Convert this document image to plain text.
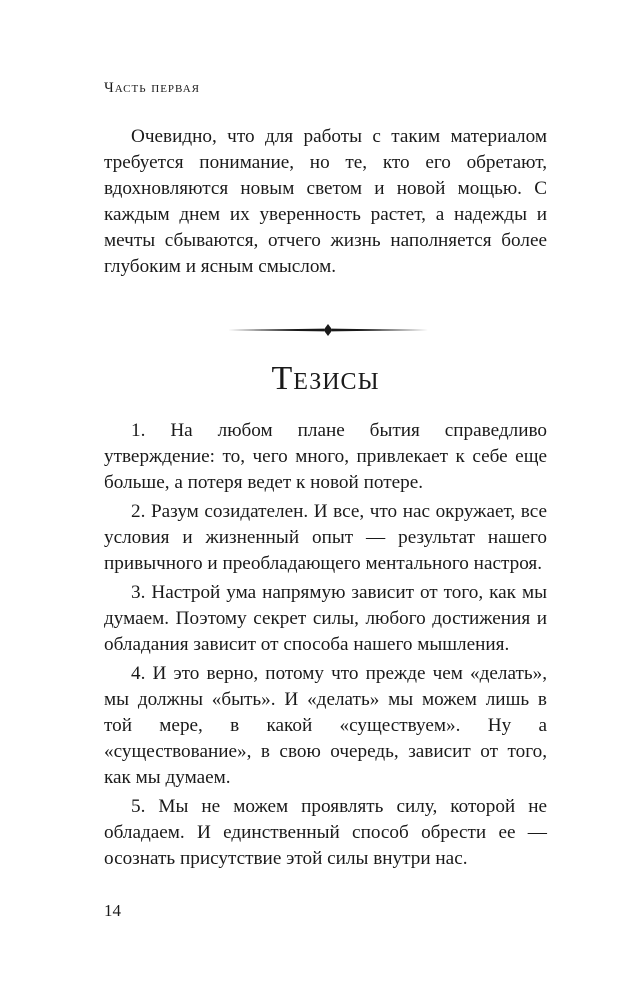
Часть первая

Очевидно, что для работы с таким материалом требуется понимание, но те, кто его обретают, вдохновляются новым светом и новой мощью. С каждым днем их уверенность растет, а надежды и мечты сбываются, отчего жизнь наполняется более глубоким и ясным смыслом.

Тезисы

1. На любом плане бытия справедливо утверждение: то, чего много, привлекает к себе еще больше, а потеря ведет к новой потере.

2. Разум созидателен. И все, что нас окружает, все условия и жизненный опыт — результат нашего привычного и преобладающего ментального настроя.

3. Настрой ума напрямую зависит от того, как мы думаем. Поэтому секрет силы, любого достижения и обладания зависит от способа нашего мышления.

4. И это верно, потому что прежде чем «делать», мы должны «быть». И «делать» мы можем лишь в той мере, в какой «существуем». Ну а «существование», в свою очередь, зависит от того, как мы думаем.

5. Мы не можем проявлять силу, которой не обладаем. И единственный способ обрести ее — осознать присутствие этой силы внутри нас.

14
